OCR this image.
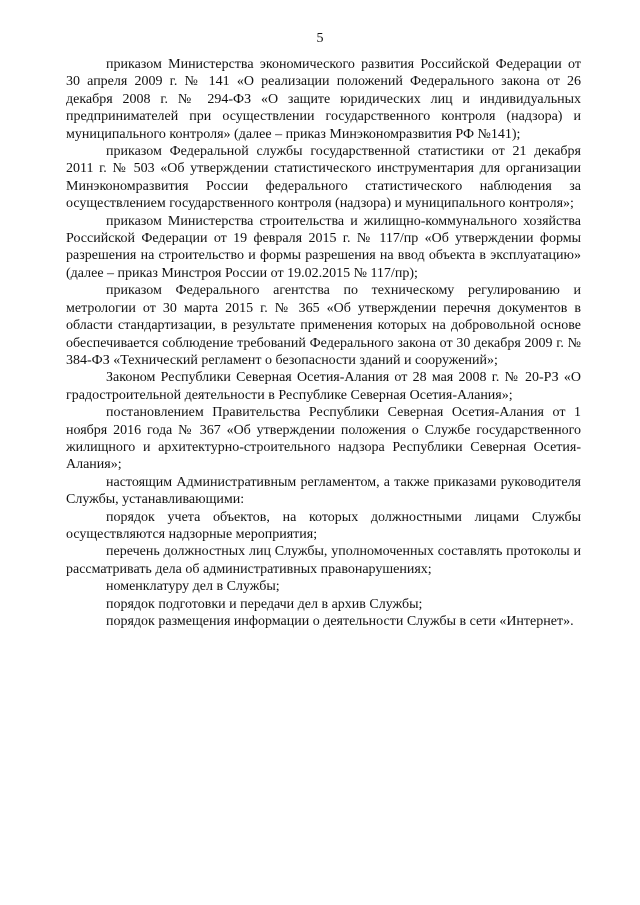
5

приказом Министерства экономического развития Российской Федерации от 30 апреля 2009 г. № 141 «О реализации положений Федерального закона от 26 декабря 2008 г. № 294-ФЗ «О защите юридических лиц и индивидуальных предпринимателей при осуществлении государственного контроля (надзора) и муниципального контроля» (далее – приказ Минэкономразвития РФ №141);

приказом Федеральной службы государственной статистики от 21 декабря 2011 г. № 503 «Об утверждении статистического инструментария для организации Минэкономразвития России федерального статистического наблюдения за осуществлением государственного контроля (надзора) и муниципального контроля»;

приказом Министерства строительства и жилищно-коммунального хозяйства Российской Федерации от 19 февраля 2015 г. № 117/пр «Об утверждении формы разрешения на строительство и формы разрешения на ввод объекта в эксплуатацию» (далее – приказ Минстроя России от 19.02.2015 № 117/пр);

приказом Федерального агентства по техническому регулированию и метрологии от 30 марта 2015 г. № 365 «Об утверждении перечня документов в области стандартизации, в результате применения которых на добровольной основе обеспечивается соблюдение требований Федерального закона от 30 декабря 2009 г. № 384-ФЗ «Технический регламент о безопасности зданий и сооружений»;

Законом Республики Северная Осетия-Алания от 28 мая 2008 г. № 20-РЗ «О градостроительной деятельности в Республике Северная Осетия-Алания»;

постановлением Правительства Республики Северная Осетия-Алания от 1 ноября 2016 года № 367 «Об утверждении положения о Службе государственного жилищного и архитектурно-строительного надзора Республики Северная Осетия-Алания»;

настоящим Административным регламентом, а также приказами руководителя Службы, устанавливающими:

порядок учета объектов, на которых должностными лицами Службы осуществляются надзорные мероприятия;

перечень должностных лиц Службы, уполномоченных составлять протоколы и рассматривать дела об административных правонарушениях;

номенклатуру дел в Службы;

порядок подготовки и передачи дел в архив Службы;

порядок размещения информации о деятельности Службы в сети «Интернет».
